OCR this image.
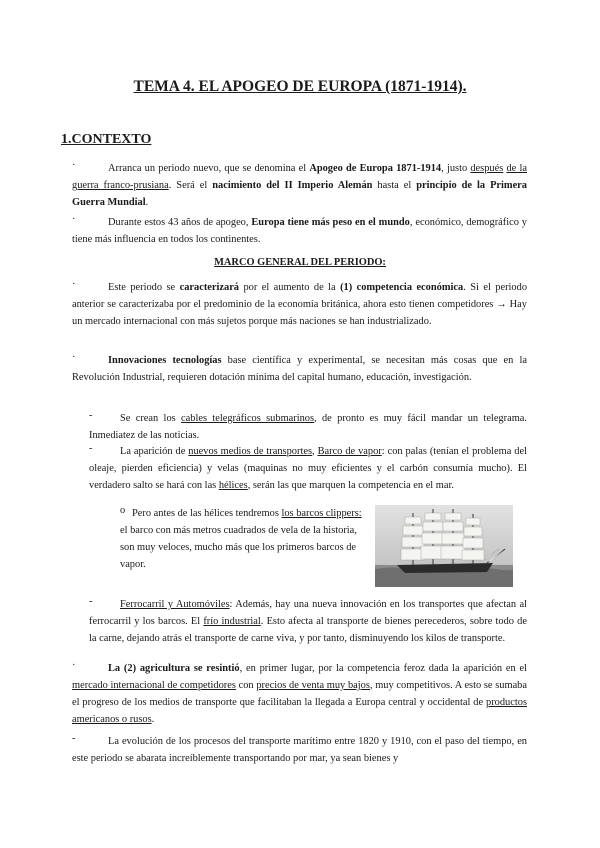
TEMA 4. EL APOGEO DE EUROPA (1871-1914).
1.CONTEXTO
·	Arranca un periodo nuevo, que se denomina el Apogeo de Europa 1871-1914, justo después de la guerra franco-prusiana. Será el nacimiento del II Imperio Alemán hasta el principio de la Primera Guerra Mundial.
·	Durante estos 43 años de apogeo, Europa tiene más peso en el mundo, económico, demográfico y tiene más influencia en todos los continentes.
MARCO GENERAL DEL PERIODO:
·	Este periodo se caracterizará por el aumento de la (1) competencia económica. Si el periodo anterior se caracterizaba por el predominio de la economía británica, ahora esto tienen competidores → Hay un mercado internacional con más sujetos porque más naciones se han industrializado.
·	Innovaciones tecnologías base científica y experimental, se necesitan más cosas que en la Revolución Industrial, requieren dotación mínima del capital humano, educación, investigación.
-	Se crean los cables telegráficos submarinos, de pronto es muy fácil mandar un telegrama. Inmediatez de las noticias.
-	La aparición de nuevos medios de transportes, Barco de vapor: con palas (tenían el problema del oleaje, pierden eficiencia) y velas (maquinas no muy eficientes y el carbón consumía mucho). El verdadero salto se hará con las hélices, serán las que marquen la competencia en el mar.
o Pero antes de las hélices tendremos los barcos clippers: el barco con más metros cuadrados de vela de la historia, son muy veloces, mucho más que los primeros barcos de vapor.
-	Ferrocarril y Automóviles: Además, hay una nueva innovación en los transportes que afectan al ferrocarril y los barcos. El frío industrial. Esto afecta al transporte de bienes perecederos, sobre todo de la carne, dejando atrás el transporte de carne viva, y por tanto, disminuyendo los kilos de transporte.
·	La (2) agricultura se resintió, en primer lugar, por la competencia feroz dada la aparición en el mercado internacional de competidores con precios de venta muy bajos, muy competitivos. A esto se sumaba el progreso de los medios de transporte que facilitaban la llegada a Europa central y occidental de productos americanos o rusos.
-	La evolución de los procesos del transporte marítimo entre 1820 y 1910, con el paso del tiempo, en este periodo se abarata increíblemente transportando por mar, ya sean bienes y
